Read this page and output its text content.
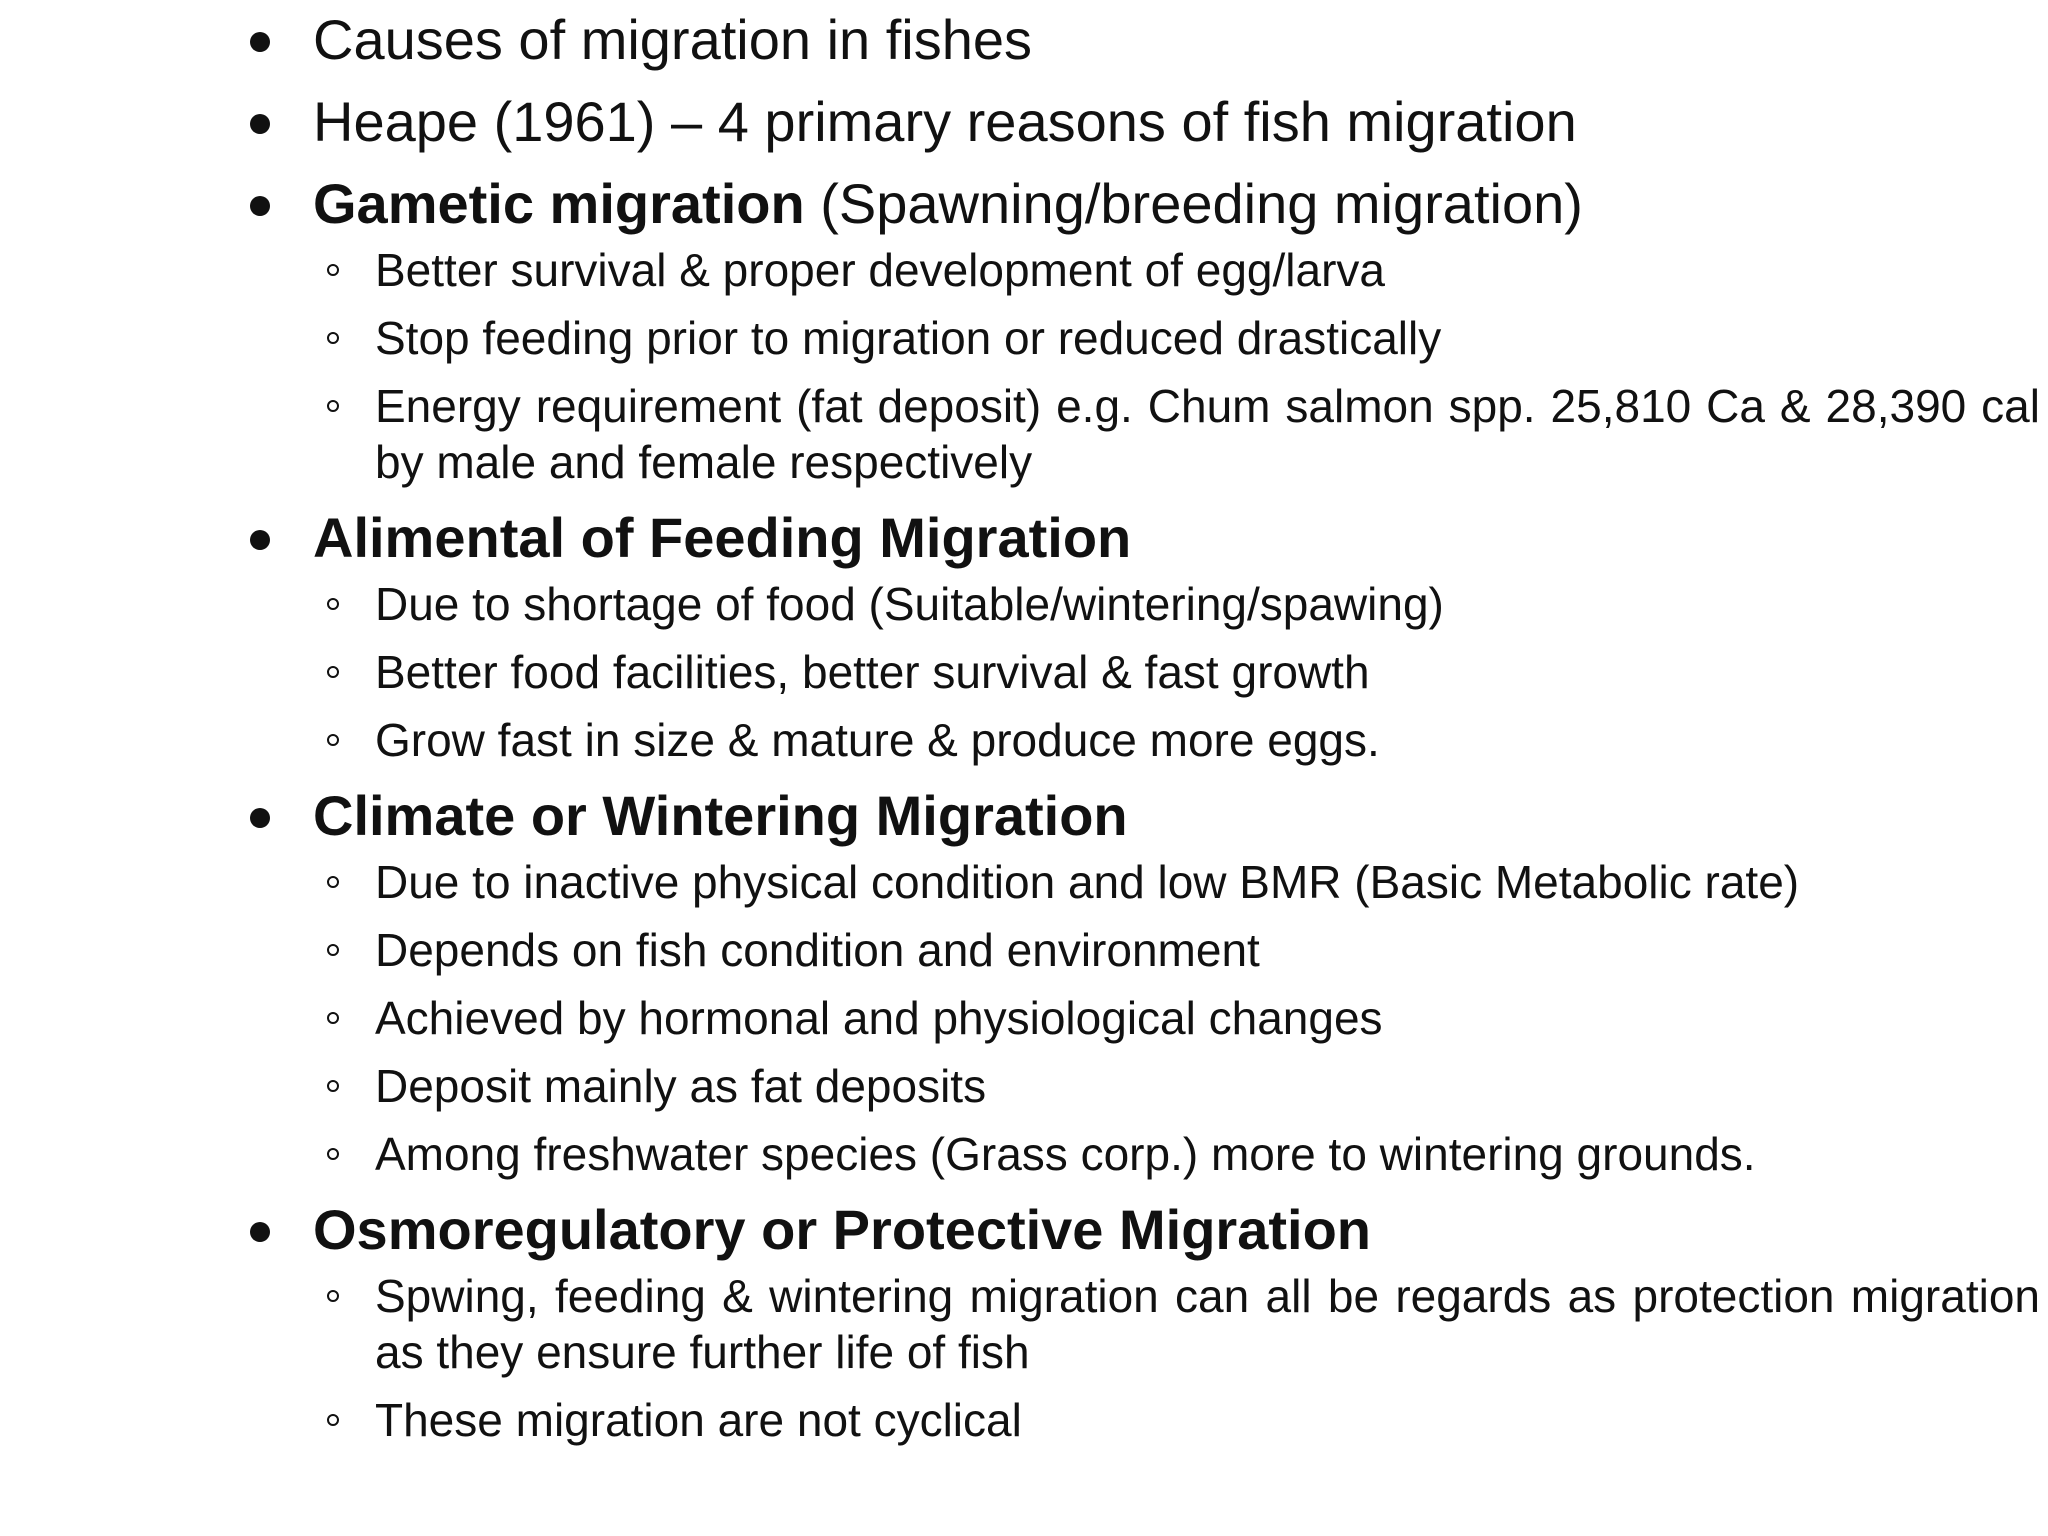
Causes of migration in fishes
Heape (1961) – 4 primary reasons of fish migration
Gametic migration (Spawning/breeding migration)
Better survival & proper development of egg/larva
Stop feeding prior to migration or reduced drastically
Energy requirement (fat deposit) e.g. Chum salmon spp. 25,810 Ca & 28,390 cal by male and female respectively
Alimental of Feeding Migration
Due to shortage of food (Suitable/wintering/spawing)
Better food facilities, better survival & fast growth
Grow fast in size & mature & produce more eggs.
Climate or Wintering Migration
Due to inactive physical condition and low BMR (Basic Metabolic rate)
Depends on fish condition and environment
Achieved by hormonal and physiological changes
Deposit mainly as fat deposits
Among freshwater species (Grass corp.) more to wintering grounds.
Osmoregulatory or Protective Migration
Spwing, feeding & wintering migration can all be regards as protection migration as they ensure further life of fish
These migration are not cyclical
